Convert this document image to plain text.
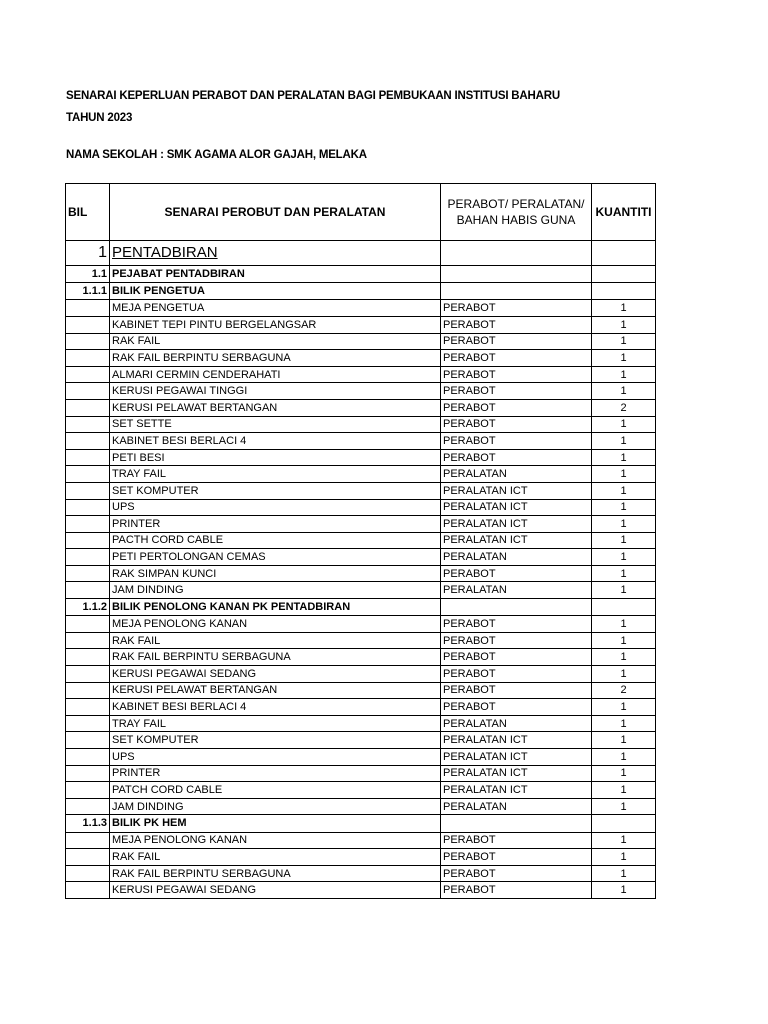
SENARAI KEPERLUAN PERABOT DAN PERALATAN BAGI PEMBUKAAN INSTITUSI BAHARU
TAHUN 2023
NAMA SEKOLAH : SMK AGAMA ALOR GAJAH, MELAKA
BIL	SENARAI PEROBUT DAN PERALATAN	PERABOT/ PERALATAN/ BAHAN HABIS GUNA	KUANTITI
1	PENTADBIRAN		
1.1	PEJABAT PENTADBIRAN		
1.1.1	BILIK PENGETUA		
	MEJA PENGETUA	PERABOT	1
	KABINET TEPI PINTU BERGELANGSAR	PERABOT	1
	RAK FAIL	PERABOT	1
	RAK FAIL BERPINTU SERBAGUNA	PERABOT	1
	ALMARI CERMIN CENDERAHATI	PERABOT	1
	KERUSI PEGAWAI TINGGI	PERABOT	1
	KERUSI PELAWAT BERTANGAN	PERABOT	2
	SET SETTE	PERABOT	1
	KABINET BESI BERLACI 4	PERABOT	1
	PETI BESI	PERABOT	1
	TRAY FAIL	PERALATAN	1
	SET KOMPUTER	PERALATAN ICT	1
	UPS	PERALATAN ICT	1
	PRINTER	PERALATAN ICT	1
	PACTH CORD CABLE	PERALATAN ICT	1
	PETI PERTOLONGAN CEMAS	PERALATAN	1
	RAK SIMPAN KUNCI	PERABOT	1
	JAM DINDING	PERALATAN	1
1.1.2	BILIK PENOLONG KANAN PK PENTADBIRAN		
	MEJA PENOLONG KANAN	PERABOT	1
	RAK FAIL	PERABOT	1
	RAK FAIL BERPINTU SERBAGUNA	PERABOT	1
	KERUSI PEGAWAI SEDANG	PERABOT	1
	KERUSI PELAWAT BERTANGAN	PERABOT	2
	KABINET BESI BERLACI 4	PERABOT	1
	TRAY FAIL	PERALATAN	1
	SET KOMPUTER	PERALATAN ICT	1
	UPS	PERALATAN ICT	1
	PRINTER	PERALATAN ICT	1
	PATCH CORD CABLE	PERALATAN ICT	1
	JAM DINDING	PERALATAN	1
1.1.3	BILIK PK HEM		
	MEJA PENOLONG KANAN	PERABOT	1
	RAK FAIL	PERABOT	1
	RAK FAIL BERPINTU SERBAGUNA	PERABOT	1
	KERUSI PEGAWAI SEDANG	PERABOT	1
